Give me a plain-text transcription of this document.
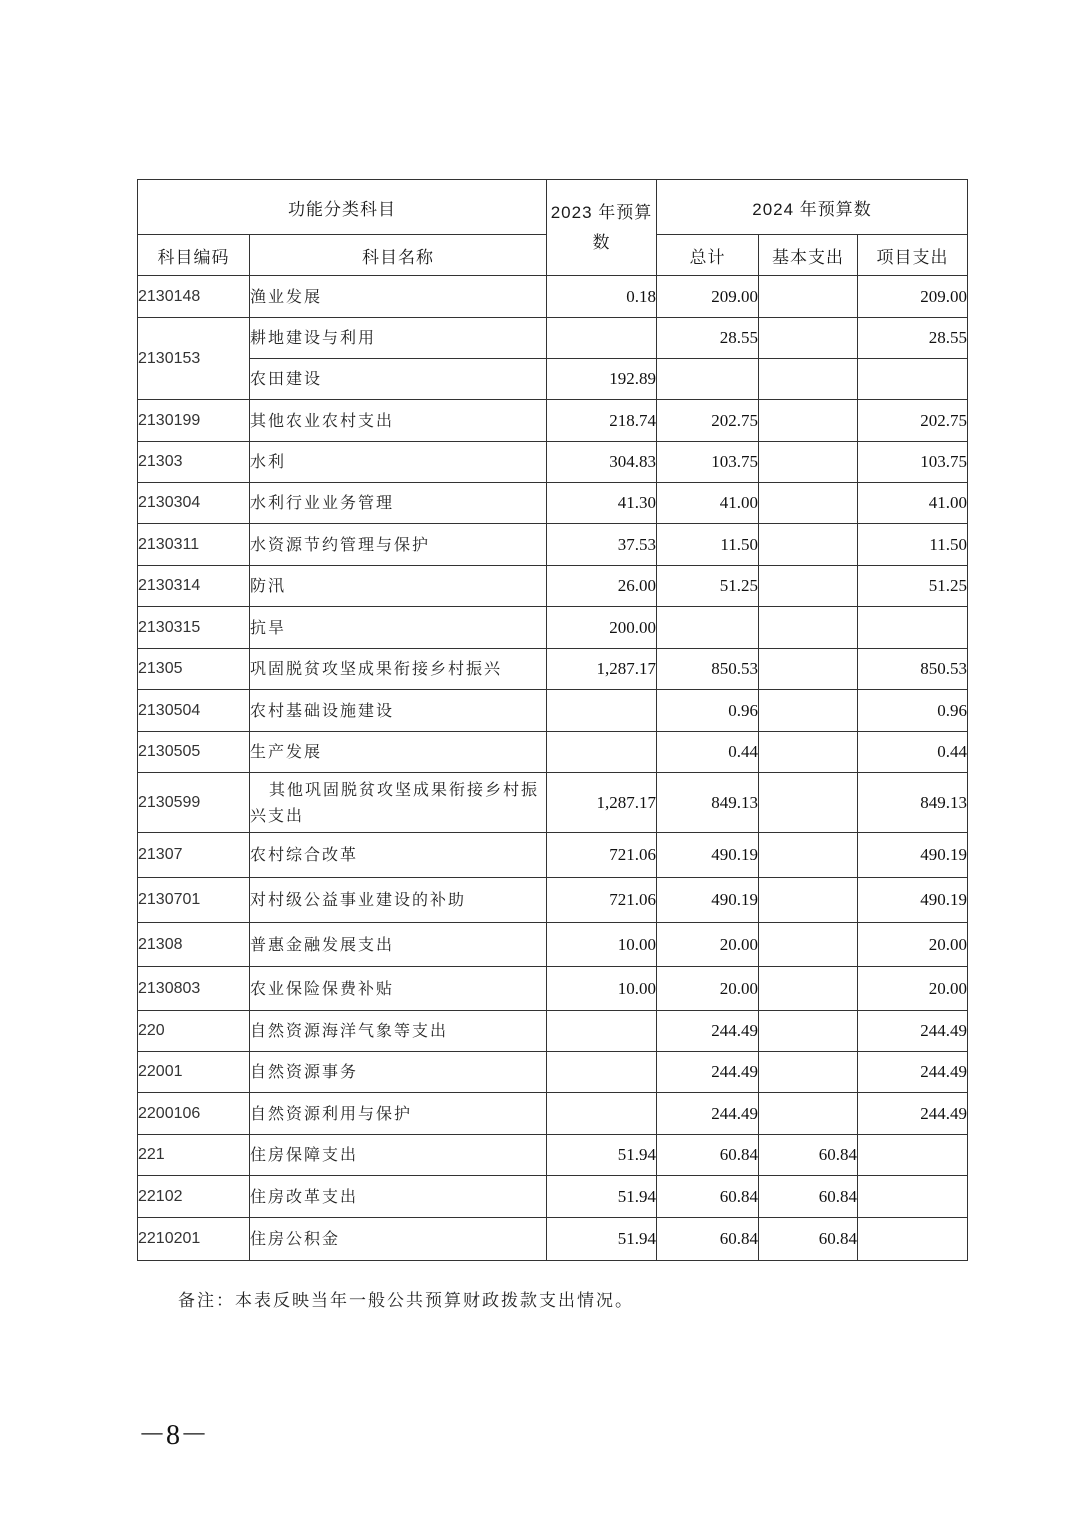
功能分类科目		2023 年预算数	2024 年预算数		
科目编码	科目名称		总计	基本支出	项目支出
2130148	渔业发展	0.18	209.00		209.00
2130153	耕地建设与利用		28.55		28.55
	农田建设	192.89			
2130199	其他农业农村支出	218.74	202.75		202.75
21303	水利	304.83	103.75		103.75
2130304	水利行业业务管理	41.30	41.00		41.00
2130311	水资源节约管理与保护	37.53	11.50		11.50
2130314	防汛	26.00	51.25		51.25
2130315	抗旱	200.00			
21305	巩固脱贫攻坚成果衔接乡村振兴	1,287.17	850.53		850.53
2130504	农村基础设施建设		0.96		0.96
2130505	生产发展		0.44		0.44
2130599	其他巩固脱贫攻坚成果衔接乡村振兴支出	1,287.17	849.13		849.13
21307	农村综合改革	721.06	490.19		490.19
2130701	对村级公益事业建设的补助	721.06	490.19		490.19
21308	普惠金融发展支出	10.00	20.00		20.00
2130803	农业保险保费补贴	10.00	20.00		20.00
220	自然资源海洋气象等支出		244.49		244.49
22001	自然资源事务		244.49		244.49
2200106	自然资源利用与保护		244.49		244.49
221	住房保障支出	51.94	60.84	60.84	
22102	住房改革支出	51.94	60.84	60.84	
2210201	住房公积金	51.94	60.84	60.84	

备注：本表反映当年一般公共预算财政拨款支出情况。

－8－
